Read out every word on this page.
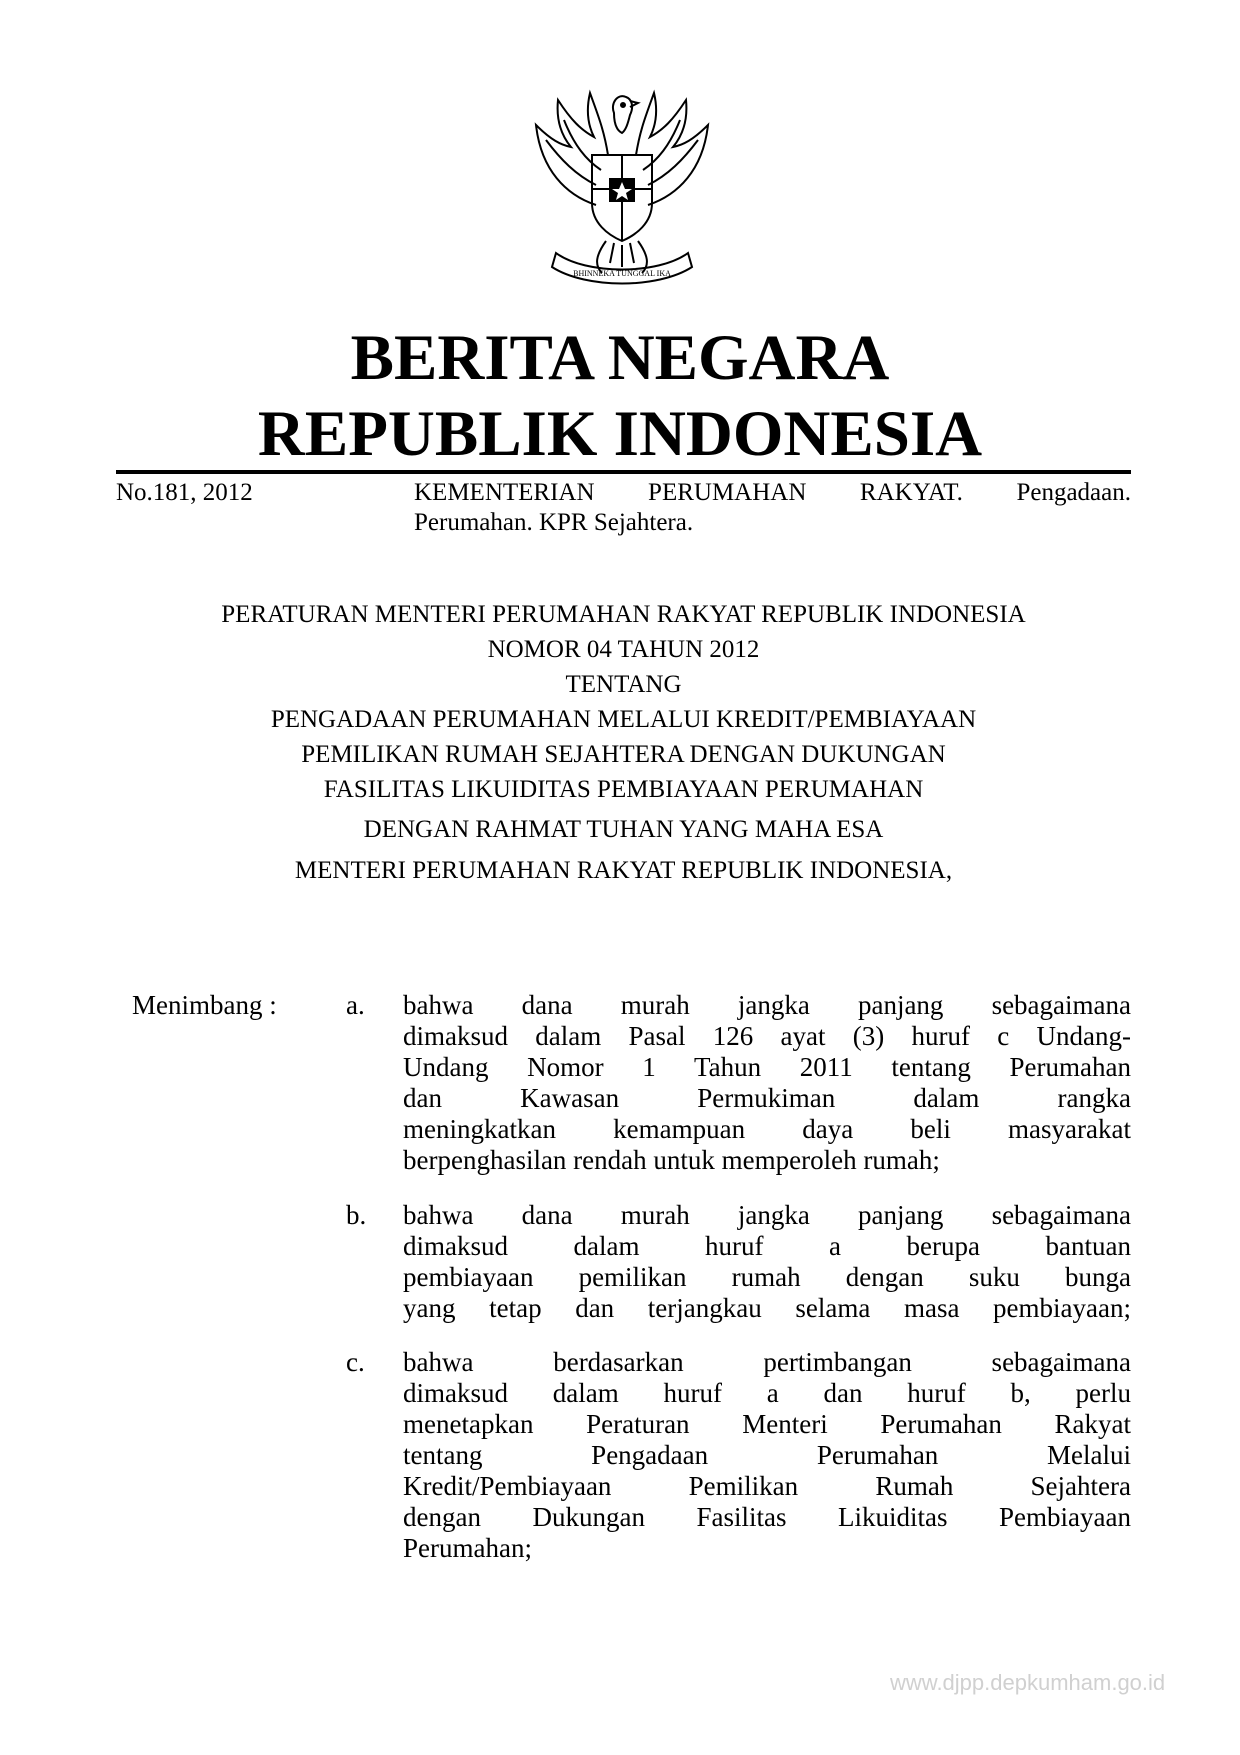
BHINNEKA TUNGGAL IKA
BERITA NEGARA
REPUBLIK INDONESIA
No.181, 2012	KEMENTERIAN PERUMAHAN RAKYAT. Pengadaan.
Perumahan. KPR Sejahtera.
PERATURAN MENTERI PERUMAHAN RAKYAT REPUBLIK INDONESIA
NOMOR 04 TAHUN 2012
TENTANG
PENGADAAN PERUMAHAN MELALUI KREDIT/PEMBIAYAAN
PEMILIKAN RUMAH SEJAHTERA DENGAN DUKUNGAN
FASILITAS LIKUIDITAS PEMBIAYAAN PERUMAHAN
DENGAN RAHMAT TUHAN YANG MAHA ESA
MENTERI PERUMAHAN RAKYAT REPUBLIK INDONESIA,
Menimbang :	a. bahwa dana murah jangka panjang sebagaimana
dimaksud dalam Pasal 126 ayat (3) huruf c Undang-
Undang Nomor 1 Tahun 2011 tentang Perumahan
dan Kawasan Permukiman dalam rangka
meningkatkan kemampuan daya beli masyarakat
berpenghasilan rendah untuk memperoleh rumah;
b. bahwa dana murah jangka panjang sebagaimana
dimaksud dalam huruf a berupa bantuan
pembiayaan pemilikan rumah dengan suku bunga
yang tetap dan terjangkau selama masa pembiayaan;
c. bahwa berdasarkan pertimbangan sebagaimana
dimaksud dalam huruf a dan huruf b, perlu
menetapkan Peraturan Menteri Perumahan Rakyat
tentang Pengadaan Perumahan Melalui
Kredit/Pembiayaan Pemilikan Rumah Sejahtera
dengan Dukungan Fasilitas Likuiditas Pembiayaan
Perumahan;
www.djpp.depkumham.go.id
